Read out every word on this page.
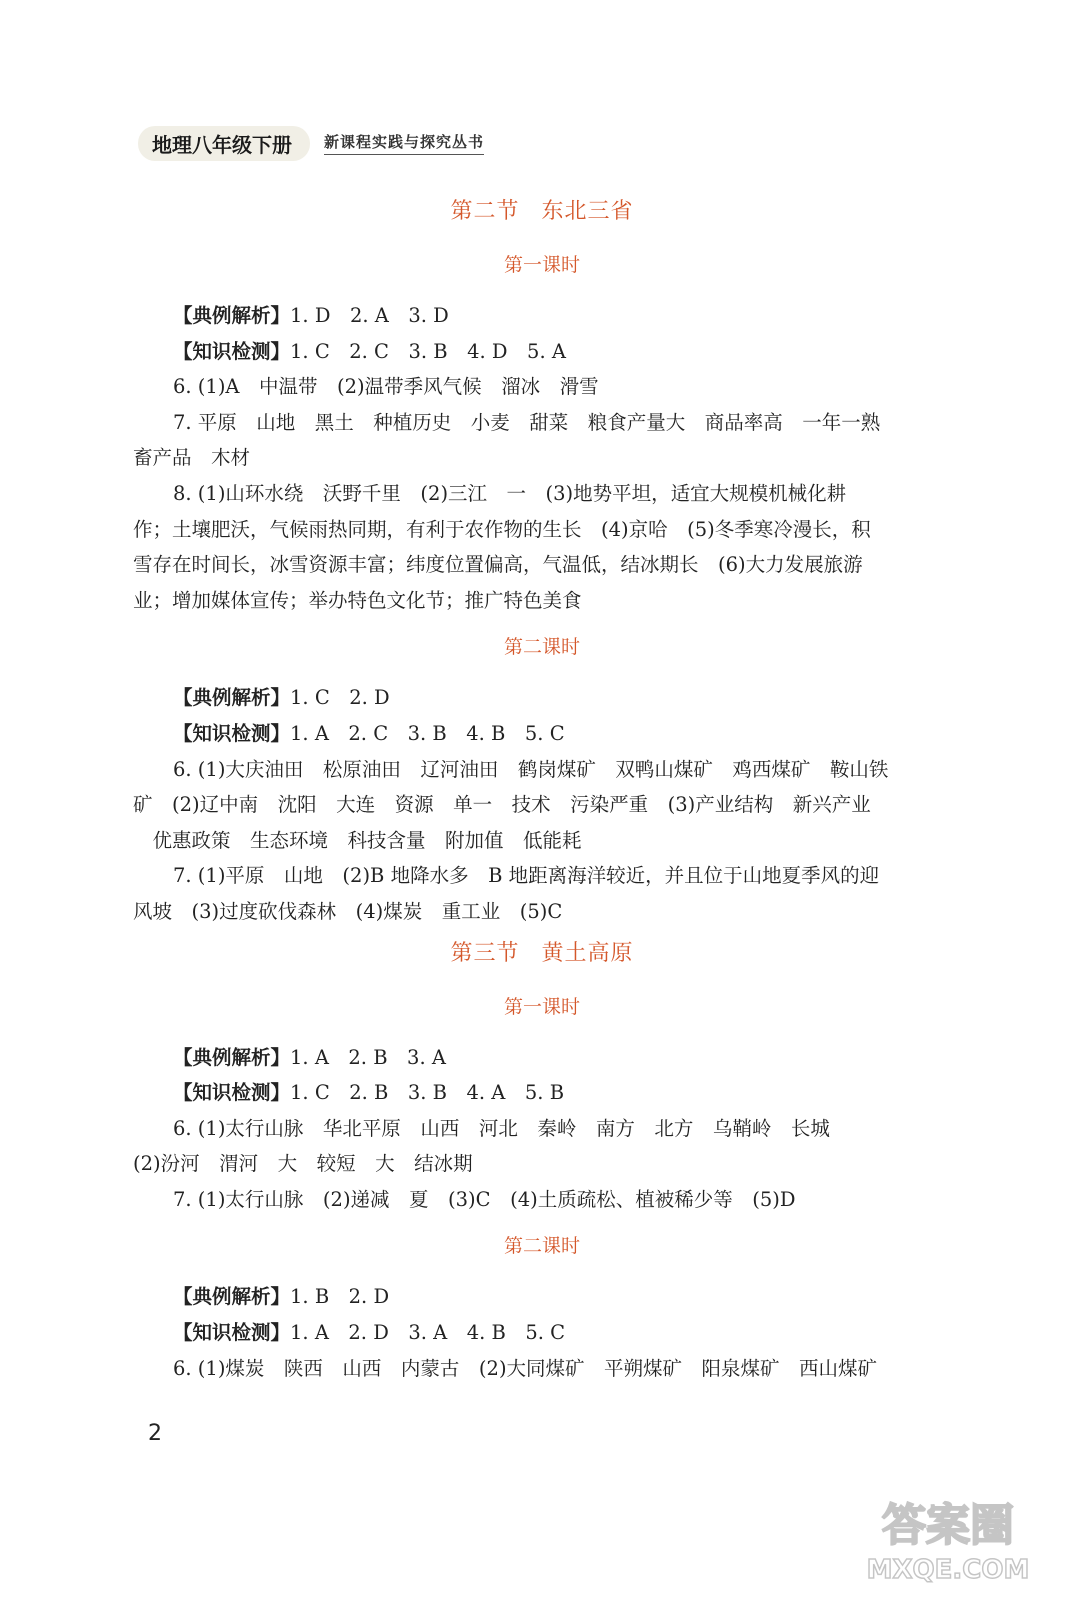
地理八年级下册	新课程实践与探究丛书
第二节 东北三省
第一课时
【典例解析】1. D　2. A　3. D
【知识检测】1. C　2. C　3. B　4. D　5. A
6. (1)A　中温带　(2)温带季风气候　溜冰　滑雪
7. 平原　山地　黑土　种植历史　小麦　甜菜　粮食产量大　商品率高　一年一熟
畜产品　木材
8. (1)山环水绕　沃野千里　(2)三江　一　(3)地势平坦，适宜大规模机械化耕
作；土壤肥沃，气候雨热同期，有利于农作物的生长　(4)京哈　(5)冬季寒冷漫长，积
雪存在时间长，冰雪资源丰富；纬度位置偏高，气温低，结冰期长　(6)大力发展旅游
业；增加媒体宣传；举办特色文化节；推广特色美食
第二课时
【典例解析】1. C　2. D
【知识检测】1. A　2. C　3. B　4. B　5. C
6. (1)大庆油田　松原油田　辽河油田　鹤岗煤矿　双鸭山煤矿　鸡西煤矿　鞍山铁
矿　(2)辽中南　沈阳　大连　资源　单一　技术　污染严重　(3)产业结构　新兴产业
　优惠政策　生态环境　科技含量　附加值　低能耗
7. (1)平原　山地　(2)B 地降水多　B 地距离海洋较近，并且位于山地夏季风的迎
风坡　(3)过度砍伐森林　(4)煤炭　重工业　(5)C
第三节 黄土高原
第一课时
【典例解析】1. A　2. B　3. A
【知识检测】1. C　2. B　3. B　4. A　5. B
6. (1)太行山脉　华北平原　山西　河北　秦岭　南方　北方　乌鞘岭　长城
(2)汾河　渭河　大　较短　大　结冰期
7. (1)太行山脉　(2)递减　夏　(3)C　(4)土质疏松、植被稀少等　(5)D
第二课时
【典例解析】1. B　2. D
【知识检测】1. A　2. D　3. A　4. B　5. C
6. (1)煤炭　陕西　山西　内蒙古　(2)大同煤矿　平朔煤矿　阳泉煤矿　西山煤矿
2
答案圈
MXQE.COM
